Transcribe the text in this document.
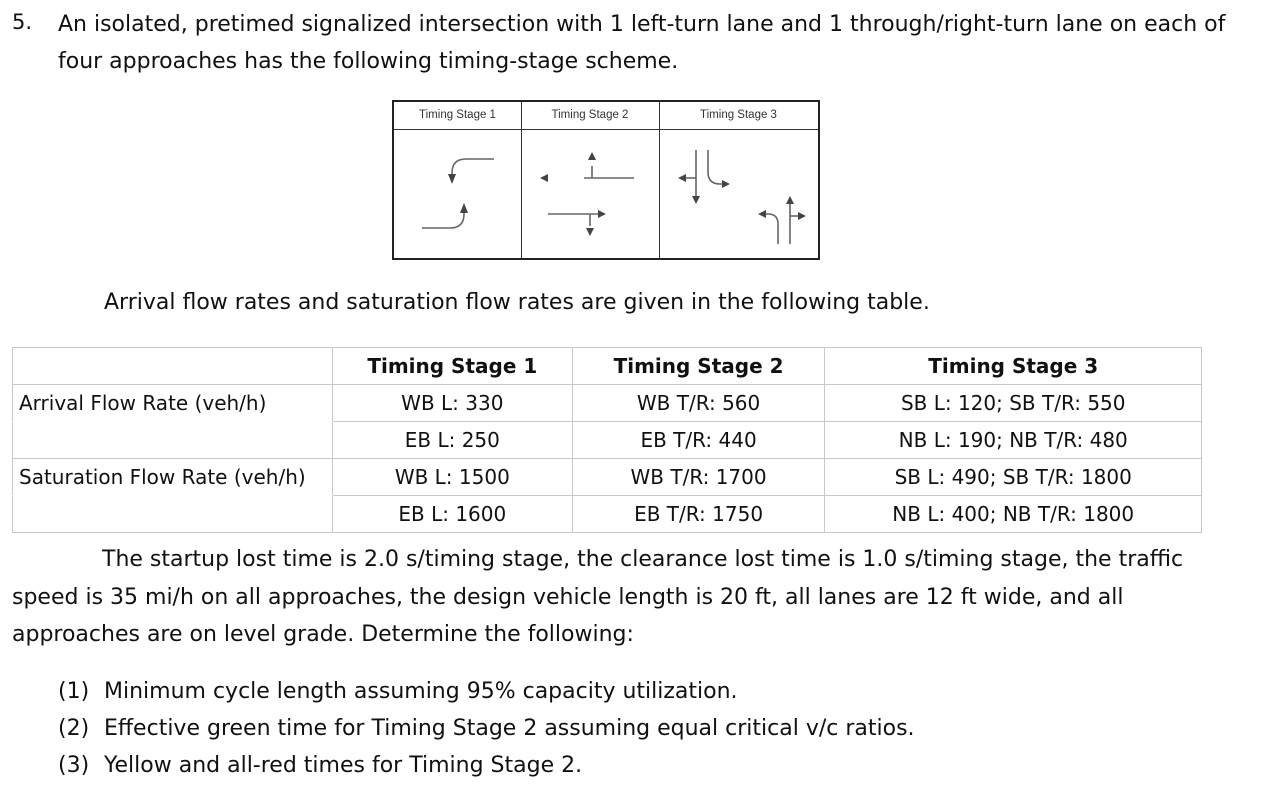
5. An isolated, pretimed signalized intersection with 1 left-turn lane and 1 through/right-turn lane on each of four approaches has the following timing-stage scheme.
Timing Stage 1	Timing Stage 2	Timing Stage 3
Arrival flow rates and saturation flow rates are given in the following table.
	Timing Stage 1	Timing Stage 2	Timing Stage 3
Arrival Flow Rate (veh/h)	WB L: 330	WB T/R: 560	SB L: 120; SB T/R: 550
	EB L: 250	EB T/R: 440	NB L: 190; NB T/R: 480
Saturation Flow Rate (veh/h)	WB L: 1500	WB T/R: 1700	SB L: 490; SB T/R: 1800
	EB L: 1600	EB T/R: 1750	NB L: 400; NB T/R: 1800
The startup lost time is 2.0 s/timing stage, the clearance lost time is 1.0 s/timing stage, the traffic speed is 35 mi/h on all approaches, the design vehicle length is 20 ft, all lanes are 12 ft wide, and all approaches are on level grade. Determine the following:
(1) Minimum cycle length assuming 95% capacity utilization.
(2) Effective green time for Timing Stage 2 assuming equal critical v/c ratios.
(3) Yellow and all-red times for Timing Stage 2.
